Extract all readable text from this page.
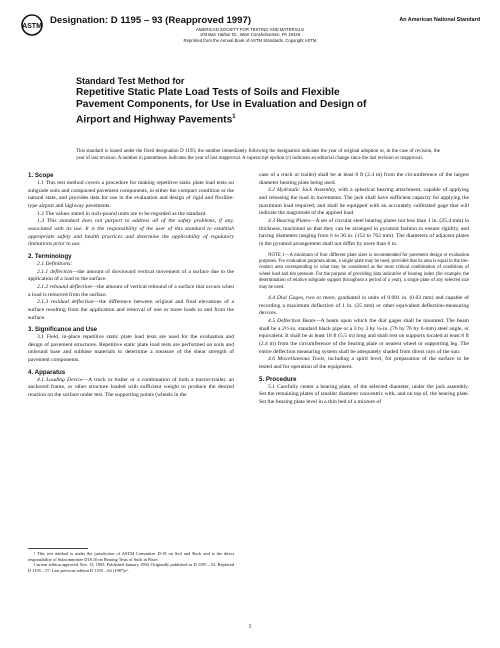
ASTM
Designation: D 1195 – 93 (Reapproved 1997)	An American National Standard
AMERICAN SOCIETY FOR TESTING AND MATERIALS
100 Barr Harbor Dr., West Conshohocken, PA 19428
Reprinted from the Annual Book of ASTM Standards. Copyright ASTM
Standard Test Method for
Repetitive Static Plate Load Tests of Soils and Flexible
Pavement Components, for Use in Evaluation and Design of
Airport and Highway Pavements$^1$
This standard is issued under the fixed designation D 1195; the number immediately following the designation indicates the year of original adoption or, in the case of revision, the year of last revision. A number in parentheses indicates the year of last reapproval. A superscript epsilon (ε) indicates an editorial change since the last revision or reapproval.
1. Scope

1.1 This test method covers a procedure for making repetitive static plate load tests on subgrade soils and compacted pavement components, in either the compact condition or the natural state, and provides data for use in the evaluation and design of rigid and flexible-type airport and highway pavements.

1.2 The values stated in inch-pound units are to be regarded as the standard.

1.3 This standard does not purport to address all of the safety problems, if any, associated with its use. It is the responsibility of the user of this standard to establish appropriate safety and health practices and determine the applicability of regulatory limitations prior to use.

2. Terminology

2.1 Definitions:

2.1.1 deflection—the amount of downward vertical movement of a surface due to the application of a load to the surface.

2.1.2 rebound deflection—the amount of vertical rebound of a surface that occurs when a load is removed from the surface.

2.1.3 residual deflection—the difference between original and final elevations of a surface resulting from the application and removal of one or more loads to and from the surface.

3. Significance and Use

3.1 Field, in-place repetitive static plate load tests are used for the evaluation and design of pavement structures. Repetitive static plate load tests are performed on soils and unbound base and subbase materials to determine a measure of the shear strength of pavement components.

4. Apparatus

4.1 Loading Device—A truck or trailer or a combination of both a tractor-trailer, an anchored frame, or other structure loaded with sufficient weight to produce the desired reaction on the surface under test. The supporting points (wheels in the

¹ This test method is under the jurisdiction of ASTM Committee D-18 on Soil and Rock and is the direct responsibility of Subcommittee D18.10 on Bearing Tests of Soils in Place.

Current edition approved Nov. 15, 1993. Published January 1994. Originally published as D 1195 – 52. Replaced D 1195 – 57. Last previous edition D 1195 – 64 (1987)ε¹.

case of a truck or trailer) shall be at least 8 ft (2.4 m) from the circumference of the largest diameter bearing plate being used.

4.2 Hydraulic Jack Assembly, with a spherical bearing attachment, capable of applying and releasing the load in increments. The jack shall have sufficient capacity for applying the maximum load required, and shall be equipped with an accurately calibrated gage that will indicate the magnitude of the applied load.

4.3 Bearing Plates—A set of circular steel bearing plates not less than 1 in. (25.4 mm) in thickness, machined so that they can be arranged in pyramid fashion to ensure rigidity, and having diameters ranging from 6 to 30 in. (152 to 762 mm). The diameters of adjacent plates in the pyramid arrangement shall not differ by more than 6 in.

NOTE 1—A minimum of four different plate sizes is recommended for pavement design or evaluation purposes. For evaluation purposes alone, a single plate may be used, provided that its area is equal to the tire-contact area corresponding to what may be considered as the most critical combination of conditions of wheel load and tire pressure. For the purpose of providing data indicative of bearing index (for example, the determination of relative subgrade support throughout a period of a year), a single plate of any selected size may be used.

4.4 Dial Gages, two or more, graduated in units of 0.001 in. (0.03 mm) and capable of recording a maximum deflection of 1 in. (25 mm) or other equivalent deflection-measuring devices.

4.5 Deflection Beam—A beam upon which the dial gages shall be mounted. The beam shall be a 2½-in. standard black pipe or a 3 by 3 by ¼-in. (76 by 76 by 6-mm) steel angle, or equivalent. It shall be at least 18 ft (5.5 m) long and shall rest on supports located at least 8 ft (2.4 m) from the circumference of the bearing plate or nearest wheel or supporting leg. The entire deflection measuring system shall be adequately shaded from direct rays of the sun.

4.6 Miscellaneous Tools, including a spirit level, for preparation of the surface to be tested and for operation of the equipment.

5. Procedure

5.1 Carefully center a bearing plate, of the selected diameter, under the jack assembly. Set the remaining plates of smaller diameter concentric with, and on top of, the bearing plate. Set the bearing plate level in a thin bed of a mixture of

1
